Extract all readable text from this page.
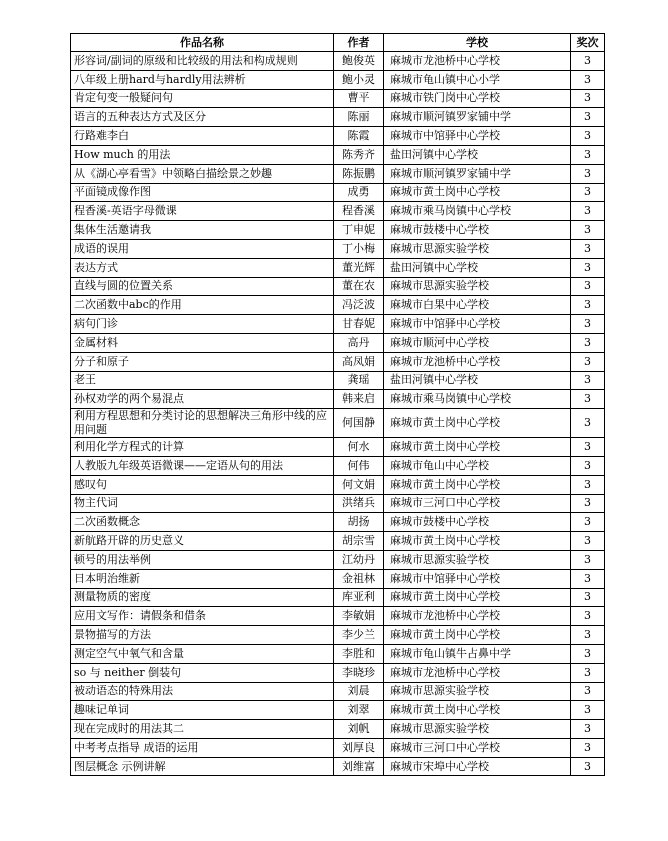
作品名称	作者	学校	奖次
形容词/副词的原级和比较级的用法和构成规则	鲍俊英	麻城市龙池桥中心学校	3
八年级上册hard与hardly用法辨析	鲍小灵	麻城市龟山镇中心小学	3
肯定句变一般疑问句	曹平	麻城市铁门岗中心学校	3
语言的五种表达方式及区分	陈丽	麻城市顺河镇罗家铺中学	3
行路难李白	陈霞	麻城市中馆驿中心学校	3
How much 的用法	陈秀齐	盐田河镇中心学校	3
从《湖心亭看雪》中领略白描绘景之妙趣	陈振鹏	麻城市顺河镇罗家铺中学	3
平面镜成像作图	成勇	麻城市黄土岗中心学校	3
程香溪-英语字母微课	程香溪	麻城市乘马岗镇中心学校	3
集体生活邀请我	丁申妮	麻城市鼓楼中心学校	3
成语的误用	丁小梅	麻城市思源实验学校	3
表达方式	董光辉	盐田河镇中心学校	3
直线与圆的位置关系	董在农	麻城市思源实验学校	3
二次函数中abc的作用	冯泛波	麻城市白果中心学校	3
病句门诊	甘春妮	麻城市中馆驿中心学校	3
金属材料	高丹	麻城市顺河中心学校	3
分子和原子	高凤娟	麻城市龙池桥中心学校	3
老王	龚瑶	盐田河镇中心学校	3
孙权劝学的两个易混点	韩来启	麻城市乘马岗镇中心学校	3
利用方程思想和分类讨论的思想解决三角形中线的应用问题	何国静	麻城市黄土岗中心学校	3
利用化学方程式的计算	何水	麻城市黄土岗中心学校	3
人教版九年级英语微课——定语从句的用法	何伟	麻城市龟山中心学校	3
感叹句	何文娟	麻城市黄土岗中心学校	3
物主代词	洪绪兵	麻城市三河口中心学校	3
二次函数概念	胡扬	麻城市鼓楼中心学校	3
新航路开辟的历史意义	胡宗雪	麻城市黄土岗中心学校	3
顿号的用法举例	江幼丹	麻城市思源实验学校	3
日本明治维新	金祖林	麻城市中馆驿中心学校	3
测量物质的密度	库亚利	麻城市黄土岗中心学校	3
应用文写作：请假条和借条	李敏娟	麻城市龙池桥中心学校	3
景物描写的方法	李少兰	麻城市黄土岗中心学校	3
测定空气中氧气和含量	李胜和	麻城市龟山镇牛占鼻中学	3
so 与 neither 倒装句	李晓珍	麻城市龙池桥中心学校	3
被动语态的特殊用法	刘晨	麻城市思源实验学校	3
趣味记单词	刘翠	麻城市黄土岗中心学校	3
现在完成时的用法其二	刘帆	麻城市思源实验学校	3
中考考点指导 成语的运用	刘厚良	麻城市三河口中心学校	3
图层概念 示例讲解	刘维富	麻城市宋埠中心学校	3
